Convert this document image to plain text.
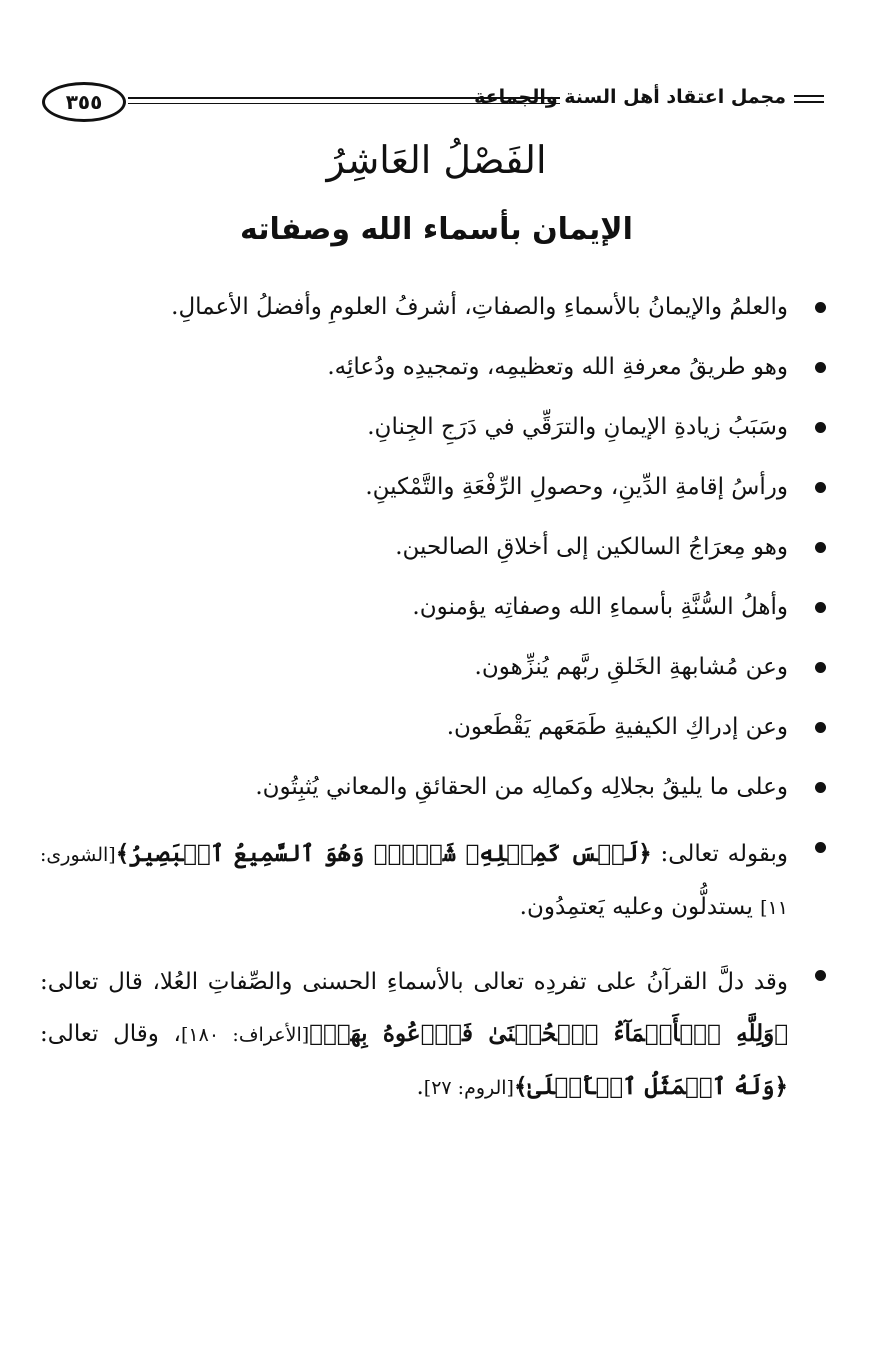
٣٥٥	مجمل اعتقاد أهل السنة والجماعة
الفَصْلُ العَاشِرُ
الإيمان بأسماء الله وصفاته
والعلمُ والإيمانُ بالأسماءِ والصفاتِ، أشرفُ العلومِ وأفضلُ الأعمالِ.
وهو طريقُ معرفةِ الله وتعظيمِه، وتمجيدِه ودُعائِه.
وسَبَبُ زيادةِ الإيمانِ والترَقِّي في دَرَجِ الجِنانِ.
ورأسُ إقامةِ الدِّينِ، وحصولِ الرِّفْعَةِ والتَّمْكينِ.
وهو مِعرَاجُ السالكين إلى أخلاقِ الصالحين.
وأهلُ السُّنَّةِ بأسماءِ الله وصفاتِه يؤمنون.
وعن مُشابهةِ الخَلقِ ربَّهم يُنزِّهون.
وعن إدراكِ الكيفيةِ طَمَعَهم يَقْطَعون.
وعلى ما يليقُ بجلالِه وكمالِه من الحقائقِ والمعاني يُثبِتُون.
وبقوله تعالى: ﴿لَيۡسَ كَمِثۡلِهِۦ شَيۡءٞۖ وَهُوَ ٱلسَّمِيعُ ٱلۡبَصِيرُ﴾[الشورى: ١١] يستدلُّون وعليه يَعتمِدُون.
وقد دلَّ القرآنُ على تفردِه تعالى بالأسماءِ الحسنى والصِّفاتِ العُلا، قال تعالى: ﴿وَلِلَّهِ ٱلۡأَسۡمَآءُ ٱلۡحُسۡنَىٰ فَٱدۡعُوهُ بِهَاۖ﴾[الأعراف: ١٨٠]، وقال تعالى: ﴿وَلَهُ ٱلۡمَثَلُ ٱلۡأَعۡلَىٰ﴾[الروم: ٢٧].
